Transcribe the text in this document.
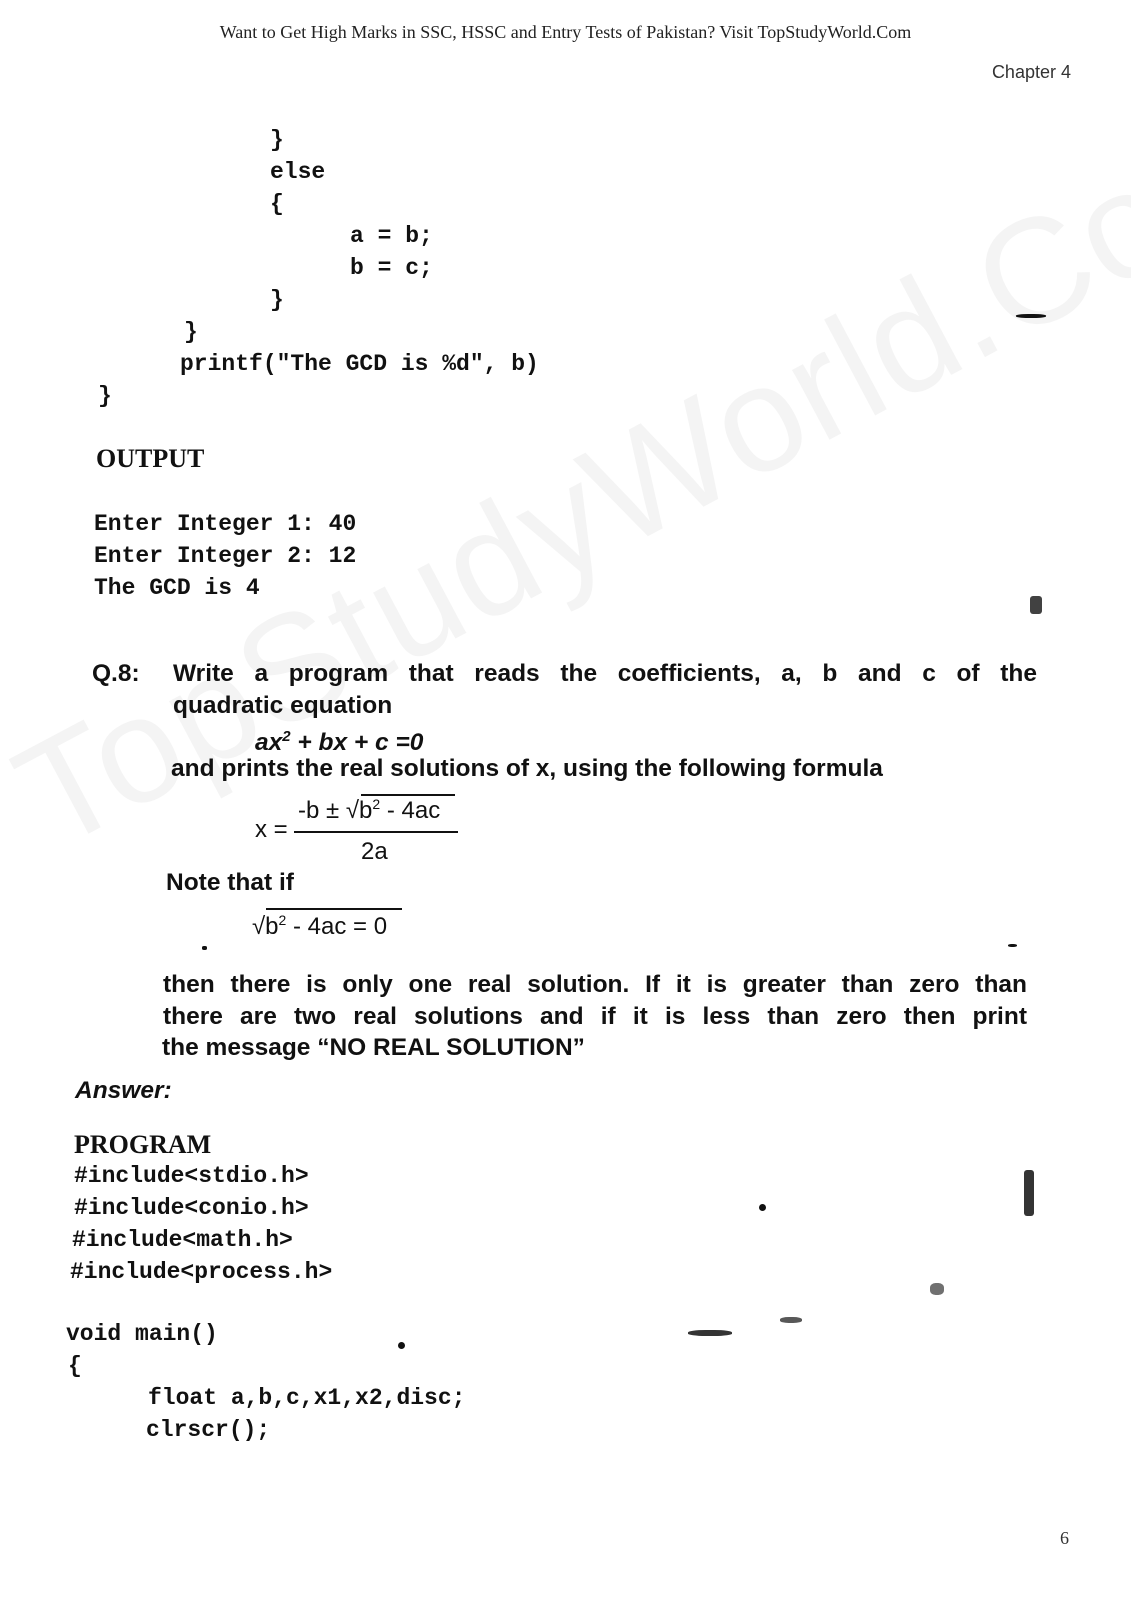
Want to Get High Marks in SSC, HSSC and Entry Tests of Pakistan? Visit TopStudyWorld.Com
Chapter 4
}
else
{
a = b;
b = c;
}
}
printf("The GCD is %d", b)
}
OUTPUT
Enter Integer 1: 40
Enter Integer 2: 12
The GCD is 4
Q.8: Write a program that reads the coefficients, a, b and c of the
quadratic equation
$ax^2$ + bx + c =0
and prints the real solutions of x, using the following formula
x =
$-b \pm √b^2 - 4ac$
2a
Note that if
$√b^2 - 4ac = 0$
then there is only one real solution. If it is greater than zero than
there are two real solutions and if it is less than zero then print
the message “NO REAL SOLUTION”
Answer:
PROGRAM
#include<stdio.h>
#include<conio.h>
#include<math.h>
#include<process.h>
void main()
{
float a,b,c,x1,x2,disc;
clrscr();
6
